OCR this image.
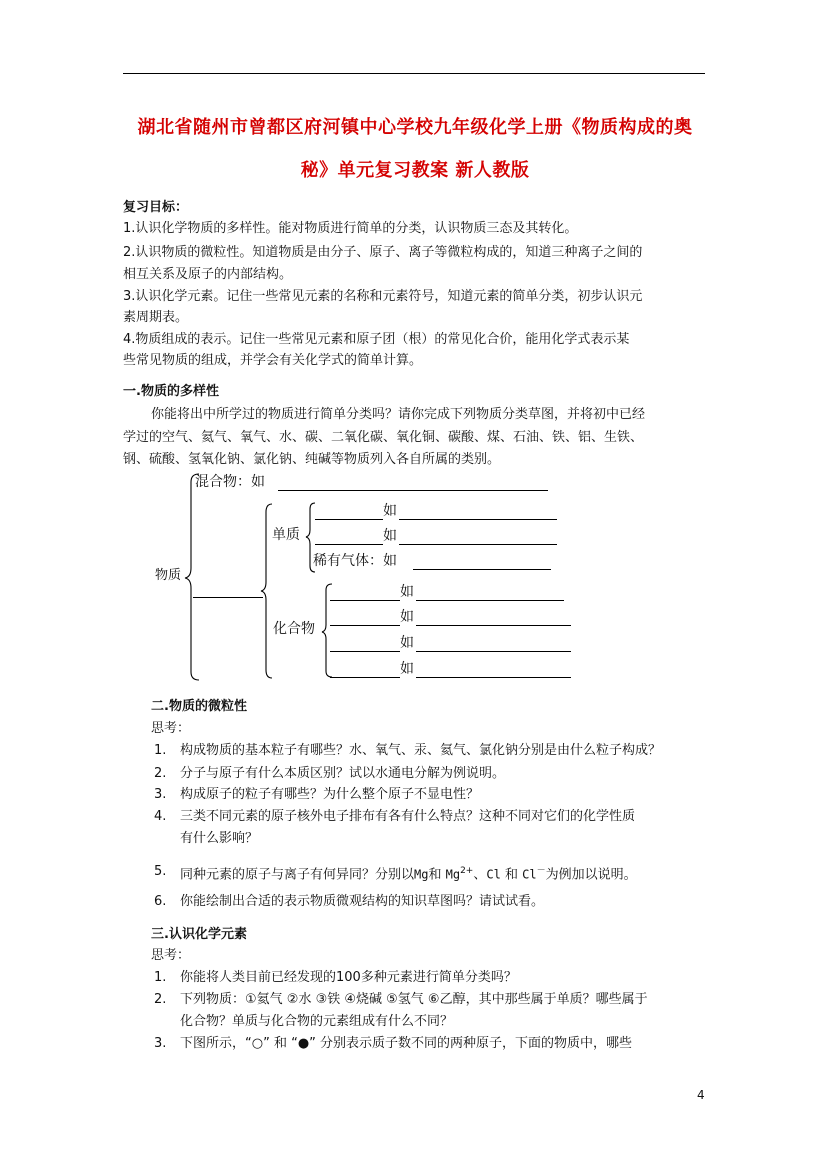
湖北省随州市曾都区府河镇中心学校九年级化学上册《物质构成的奥
秘》单元复习教案 新人教版
复习目标：
1.认识化学物质的多样性。能对物质进行简单的分类，认识物质三态及其转化。
2.认识物质的微粒性。知道物质是由分子、原子、离子等微粒构成的，知道三种离子之间的
相互关系及原子的内部结构。
3.认识化学元素。记住一些常见元素的名称和元素符号，知道元素的简单分类，初步认识元
素周期表。
4.物质组成的表示。记住一些常见元素和原子团（根）的常见化合价，能用化学式表示某
些常见物质的组成，并学会有关化学式的简单计算。
一.物质的多样性
你能将出中所学过的物质进行简单分类吗？请你完成下列物质分类草图，并将初中已经
学过的空气、氦气、氧气、水、碳、二氧化碳、氧化铜、碳酸、煤、石油、铁、铝、生铁、
钢、硫酸、氢氧化钠、氯化钠、纯碱等物质列入各自所属的类别。
物质
混合物：如
单质
如
如
稀有气体：如
化合物
如
如
如
如
二.物质的微粒性
思考：
1. 构成物质的基本粒子有哪些？水、氧气、汞、氦气、氯化钠分别是由什么粒子构成？
2. 分子与原子有什么本质区别？试以水通电分解为例说明。
3. 构成原子的粒子有哪些？为什么整个原子不显电性？
4. 三类不同元素的原子核外电子排布有各有什么特点？这种不同对它们的化学性质
有什么影响？
5. 同种元素的原子与离子有何异同？分别以Mg和 $Mg^{2+}$、Cl 和 Cl－为例加以说明。
6. 你能绘制出合适的表示物质微观结构的知识草图吗？请试试看。
三.认识化学元素
思考：
1. 你能将人类目前已经发现的100多种元素进行简单分类吗？
2. 下列物质：①氦气 ②水 ③铁 ④烧碱 ⑤氢气 ⑥乙醇，其中那些属于单质？哪些属于
化合物？单质与化合物的元素组成有什么不同？
3. 下图所示，“○” 和 “●” 分别表示质子数不同的两种原子，下面的物质中，哪些
4
